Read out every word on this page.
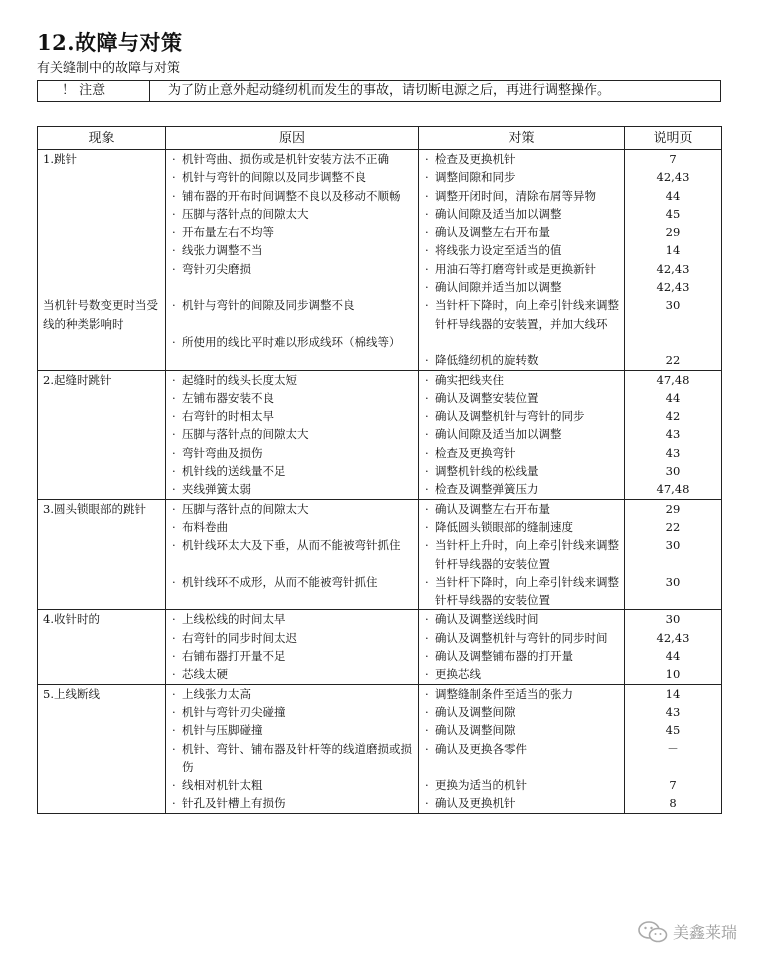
12.故障与对策
有关缝制中的故障与对策
！ 注意	为了防止意外起动缝纫机而发生的事故，请切断电源之后，再进行调整操作。
现象	原因	对策	说明页
1.跳针	· 机针弯曲、损伤或是机针安装方法不正确	· 检查及更换机针	7

	· 机针与弯针的间隙以及同步调整不良	· 调整间隙和同步	42,43

	· 铺布器的开布时间调整不良以及移动不顺畅	· 调整开闭时间，清除布屑等异物	44

	· 压脚与落针点的间隙太大	· 确认间隙及适当加以调整	45

	· 开布量左右不均等	· 确认及调整左右开布量	29

	· 线张力调整不当	· 将线张力设定至适当的值	14

	· 弯针刃尖磨损	· 用油石等打磨弯针或是更换新针	42,43

		· 确认间隙并适当加以调整	42,43
当机针号数变更时当受线的种类影响时	· 机针与弯针的间隙及同步调整不良	· 当针杆下降时，向上牵引针线来调整针杆导线器的安装置，并加大线环	30

	· 所使用的线比平时难以形成线环（棉线等）		

		· 降低缝纫机的旋转数	22
2.起缝时跳针	· 起缝时的线头长度太短	· 确实把线夹住	47,48

	· 左铺布器安装不良	· 确认及调整安装位置	44

	· 右弯针的时相太早	· 确认及调整机针与弯针的同步	42

	· 压脚与落针点的间隙太大	· 确认间隙及适当加以调整	43

	· 弯针弯曲及损伤	· 检查及更换弯针	43

	· 机针线的送线量不足	· 调整机针线的松线量	30

	· 夹线弹簧太弱	· 检查及调整弹簧压力	47,48
3.圆头锁眼部的跳针	· 压脚与落针点的间隙太大	· 确认及调整左右开布量	29

	· 布料卷曲	· 降低圆头锁眼部的缝制速度	22

	· 机针线环太大及下垂，从而不能被弯针抓住	· 当针杆上升时，向上牵引针线来调整针杆导线器的安装位置	30

	· 机针线环不成形，从而不能被弯针抓住	· 当针杆下降时，向上牵引针线来调整针杆导线器的安装位置	30
4.收针时的	· 上线松线的时间太早	· 确认及调整送线时间	30

	· 右弯针的同步时间太迟	· 确认及调整机针与弯针的同步时间	42,43

	· 右铺布器打开量不足	· 确认及调整铺布器的打开量	44

	· 芯线太硬	· 更换芯线	10
5.上线断线	· 上线张力太高	· 调整缝制条件至适当的张力	14

	· 机针与弯针刃尖碰撞	· 确认及调整间隙	43

	· 机针与压脚碰撞	· 确认及调整间隙	45

	· 机针、弯针、铺布器及针杆等的线道磨损或损伤	· 确认及更换各零件	－

	· 线相对机针太粗	· 更换为适当的机针	7

	· 针孔及针槽上有损伤	· 确认及更换机针	8
美鑫莱瑞
